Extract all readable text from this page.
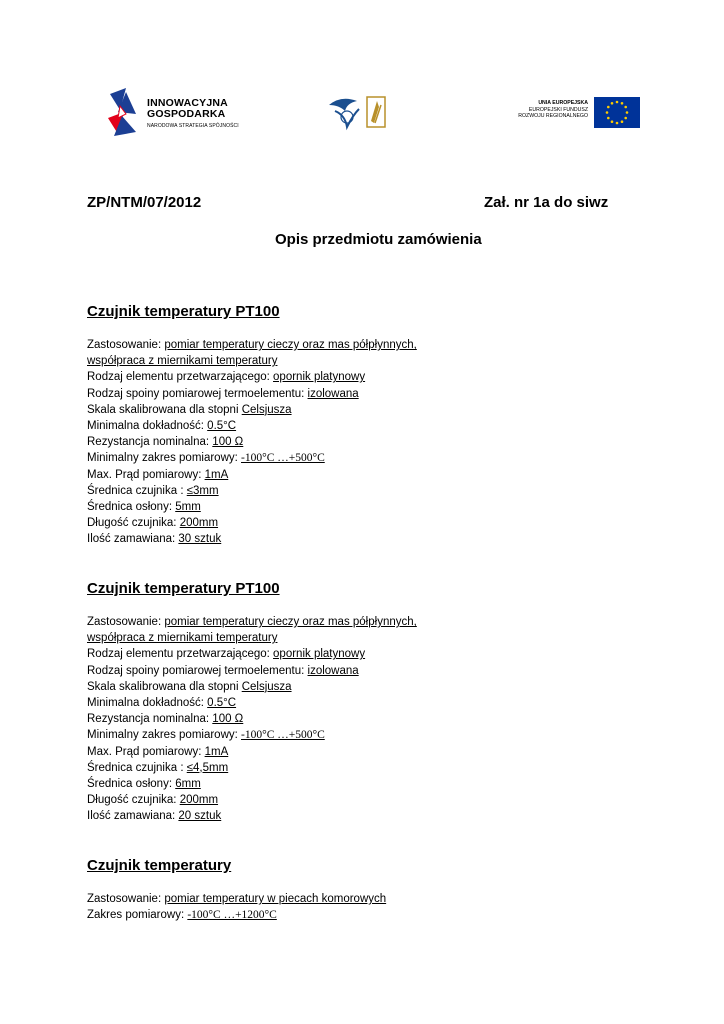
INNOWACYJNA
GOSPODARKA
NARODOWA STRATEGIA SPÓJNOŚCI
UNIA EUROPEJSKA
EUROPEJSKI FUNDUSZ
ROZWOJU REGIONALNEGO
ZP/NTM/07/2012	Zał. nr 1a do siwz
Opis przedmiotu zamówienia
Czujnik temperatury PT100
Zastosowanie: pomiar temperatury cieczy oraz mas półpłynnych,
współpraca z miernikami temperatury
Rodzaj elementu przetwarzającego: opornik platynowy
Rodzaj spoiny pomiarowej termoelementu: izolowana
Skala skalibrowana dla stopni Celsjusza
Minimalna dokładność: 0.5°C
Rezystancja nominalna: 100 Ω
Minimalny zakres pomiarowy: -100°C …+500°C
Max. Prąd pomiarowy: 1mA
Średnica czujnika : ≤3mm
Średnica osłony: 5mm
Długość czujnika: 200mm
Ilość zamawiana: 30 sztuk
Czujnik temperatury PT100
Zastosowanie: pomiar temperatury cieczy oraz mas półpłynnych,
współpraca z miernikami temperatury
Rodzaj elementu przetwarzającego: opornik platynowy
Rodzaj spoiny pomiarowej termoelementu: izolowana
Skala skalibrowana dla stopni Celsjusza
Minimalna dokładność: 0.5°C
Rezystancja nominalna: 100 Ω
Minimalny zakres pomiarowy: -100°C …+500°C
Max. Prąd pomiarowy: 1mA
Średnica czujnika : ≤4,5mm
Średnica osłony: 6mm
Długość czujnika: 200mm
Ilość zamawiana: 20 sztuk
Czujnik temperatury
Zastosowanie: pomiar temperatury w piecach komorowych
Zakres pomiarowy: -100°C …+1200°C
